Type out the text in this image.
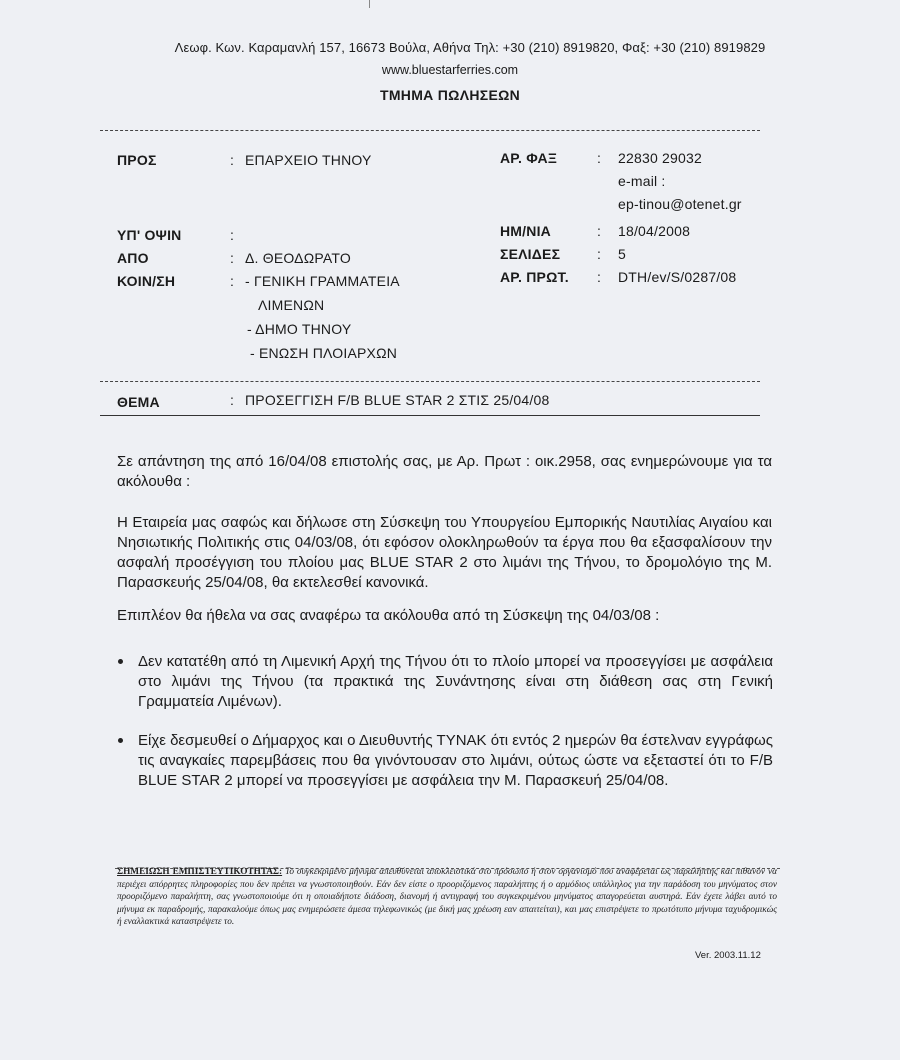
Λεωφ. Κων. Καραμανλή 157, 16673 Βούλα, Αθήνα Τηλ: +30 (210) 8919820, Φαξ: +30 (210) 8919829
www.bluestarferries.com
ΤΜΗΜΑ ΠΩΛΗΣΕΩΝ
ΠΡΟΣ	: ΕΠΑΡΧΕΙΟ ΤΗΝΟΥ
ΥΠ' ΟΨΙΝ	:
ΑΠΟ	: Δ. ΘΕΟΔΩΡΑΤΟ
ΚΟΙΝ/ΣΗ	: - ΓΕΝΙΚΗ ΓΡΑΜΜΑΤΕΙΑ
ΛΙΜΕΝΩΝ
- ΔΗΜΟ ΤΗΝΟΥ
- ΕΝΩΣΗ ΠΛΟΙΑΡΧΩΝ
ΑΡ. ΦΑΞ	: 22830 29032
e-mail :
ep-tinou@otenet.gr
ΗΜ/ΝΙΑ	: 18/04/2008
ΣΕΛΙΔΕΣ	: 5
ΑΡ. ΠΡΩΤ. : DTH/ev/S/0287/08
ΘΕΜΑ	: ΠΡΟΣΕΓΓΙΣΗ F/B BLUE STAR 2 ΣΤΙΣ 25/04/08
Σε απάντηση της από 16/04/08 επιστολής σας, με Αρ. Πρωτ : οικ.2958, σας ενημερώνουμε για τα ακόλουθα :
Η Εταιρεία μας σαφώς και δήλωσε στη Σύσκεψη του Υπουργείου Εμπορικής Ναυτιλίας Αιγαίου και Νησιωτικής Πολιτικής στις 04/03/08, ότι εφόσον ολοκληρωθούν τα έργα που θα εξασφαλίσουν την ασφαλή προσέγγιση του πλοίου μας BLUE STAR 2 στο λιμάνι της Τήνου, το δρομολόγιο της Μ. Παρασκευής 25/04/08, θα εκτελεσθεί κανονικά.
Επιπλέον θα ήθελα να σας αναφέρω τα ακόλουθα από τη Σύσκεψη της 04/03/08 :
Δεν κατατέθη από τη Λιμενική Αρχή της Τήνου ότι το πλοίο μπορεί να προσεγγίσει με ασφάλεια στο λιμάνι της Τήνου (τα πρακτικά της Συνάντησης είναι στη διάθεση σας στη Γενική Γραμματεία Λιμένων).
Είχε δεσμευθεί ο Δήμαρχος και ο Διευθυντής ΤΥΝΑΚ ότι εντός 2 ημερών θα έστελναν εγγράφως τις αναγκαίες παρεμβάσεις που θα γινόντουσαν στο λιμάνι, ούτως ώστε να εξεταστεί ότι το F/B BLUE STAR 2 μπορεί να προσεγγίσει με ασφάλεια την Μ. Παρασκευή 25/04/08.
ΣΗΜΕΙΩΣΗ ΕΜΠΙΣΤΕΥΤΙΚΟΤΗΤΑΣ: Το συγκεκριμένο μήνυμα απευθύνεται αποκλειστικά στο πρόσωπο ή στον οργανισμό που αναφέρεται ως παραλήπτης και πιθανόν να περιέχει απόρρητες πληροφορίες που δεν πρέπει να γνωστοποιηθούν. Εάν δεν είστε ο προοριζόμενος παραλήπτης ή ο αρμόδιος υπάλληλος για την παράδοση του μηνύματος στον προοριζόμενο παραλήπτη, σας γνωστοποιούμε ότι η οποιαδήποτε διάδοση, διανομή ή αντιγραφή του συγκεκριμένου μηνύματος απαγορεύεται αυστηρά. Εάν έχετε λάβει αυτό το μήνυμα εκ παραδρομής, παρακαλούμε όπως μας ενημερώσετε άμεσα τηλεφωνικώς (με δική μας χρέωση εαν απαιτείται), και μας επιστρέψετε το πρωτότυπο μήνυμα ταχυδρομικώς ή εναλλακτικά καταστρέψετε το.
Ver. 2003.11.12
